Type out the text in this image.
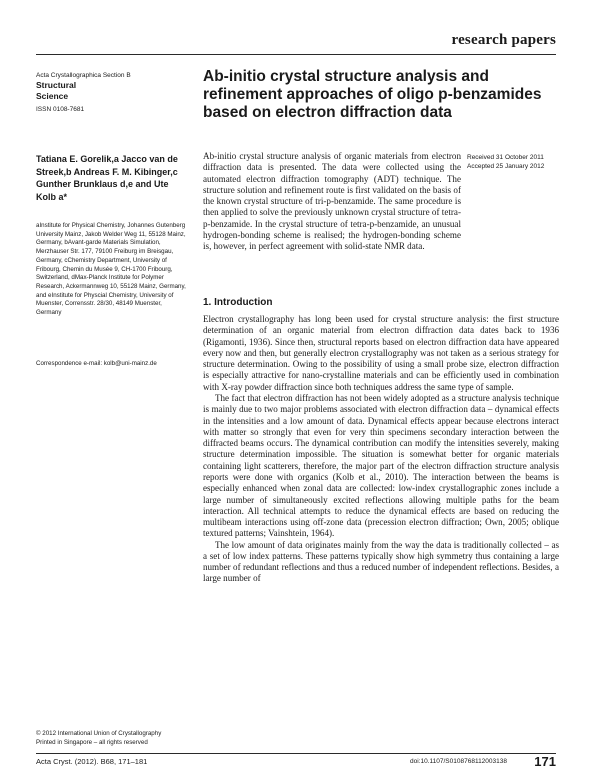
research papers
Acta Crystallographica Section B
Structural
Science
ISSN 0108-7681
Ab-initio crystal structure analysis and refinement approaches of oligo p-benzamides based on electron diffraction data
Tatiana E. Gorelik,a Jacco van de Streek,b Andreas F. M. Kibinger,c Gunther Brunklaus d,e and Ute Kolb a*
aInstitute for Physical Chemistry, Johannes Gutenberg University Mainz, Jakob Welder Weg 11, 55128 Mainz, Germany, bAvant-garde Materials Simulation, Merzhauser Str. 177, 79100 Freiburg im Breisgau, Germany, cChemistry Department, University of Fribourg, Chemin du Musée 9, CH-1700 Fribourg, Switzerland, dMax-Planck Institute for Polymer Research, Ackermannweg 10, 55128 Mainz, Germany, and eInstitute for Physcial Chemistry, University of Muenster, Corrensstr. 28/30, 48149 Muenster, Germany
Correspondence e-mail: kolb@uni-mainz.de
Received 31 October 2011
Accepted 25 January 2012
Ab-initio crystal structure analysis of organic materials from electron diffraction data is presented. The data were collected using the automated electron diffraction tomography (ADT) technique. The structure solution and refinement route is first validated on the basis of the known crystal structure of tri-p-benzamide. The same procedure is then applied to solve the previously unknown crystal structure of tetra-p-benzamide. In the crystal structure of tetra-p-benzamide, an unusual hydrogen-bonding scheme is realised; the hydrogen-bonding scheme is, however, in perfect agreement with solid-state NMR data.
1. Introduction

Electron crystallography has long been used for crystal structure analysis: the first structure determination of an organic material from electron diffraction data dates back to 1936 (Rigamonti, 1936). Since then, structural reports based on electron diffraction data have appeared every now and then, but generally electron crystallography was not taken as a serious strategy for structure determination. Owing to the possibility of using a small probe size, electron diffraction is especially attractive for nano-crystalline materials and can be efficiently used in combination with X-ray powder diffraction since both techniques address the same type of sample.

The fact that electron diffraction has not been widely adopted as a structure analysis technique is mainly due to two major problems associated with electron diffraction data – dynamical effects in the intensities and a low amount of data. Dynamical effects appear because electrons interact with matter so strongly that even for very thin specimens secondary interaction between the diffracted beams occurs. The dynamical contribution can modify the intensities severely, making structure determination impossible. The situation is somewhat better for organic materials containing light scatterers, therefore, the major part of the electron diffraction structure analysis reports were done with organics (Kolb et al., 2010). The interaction between the beams is especially enhanced when zonal data are collected: low-index crystallographic zones include a large number of simultaneously excited reflections allowing multiple paths for the beam interaction. All technical attempts to reduce the dynamical effects are based on reducing the multibeam interactions using off-zone data (precession electron diffraction; Own, 2005; oblique textured patterns; Vainshtein, 1964).

The low amount of data originates mainly from the way the data is traditionally collected – as a set of low index patterns. These patterns typically show high symmetry thus containing a large number of redundant reflections and thus a reduced number of independent reflections. Besides, a large number of

© 2012 International Union of Crystallography
Printed in Singapore – all rights reserved
Acta Cryst. (2012). B68, 171–181	doi:10.1107/S0108768112003138 171
